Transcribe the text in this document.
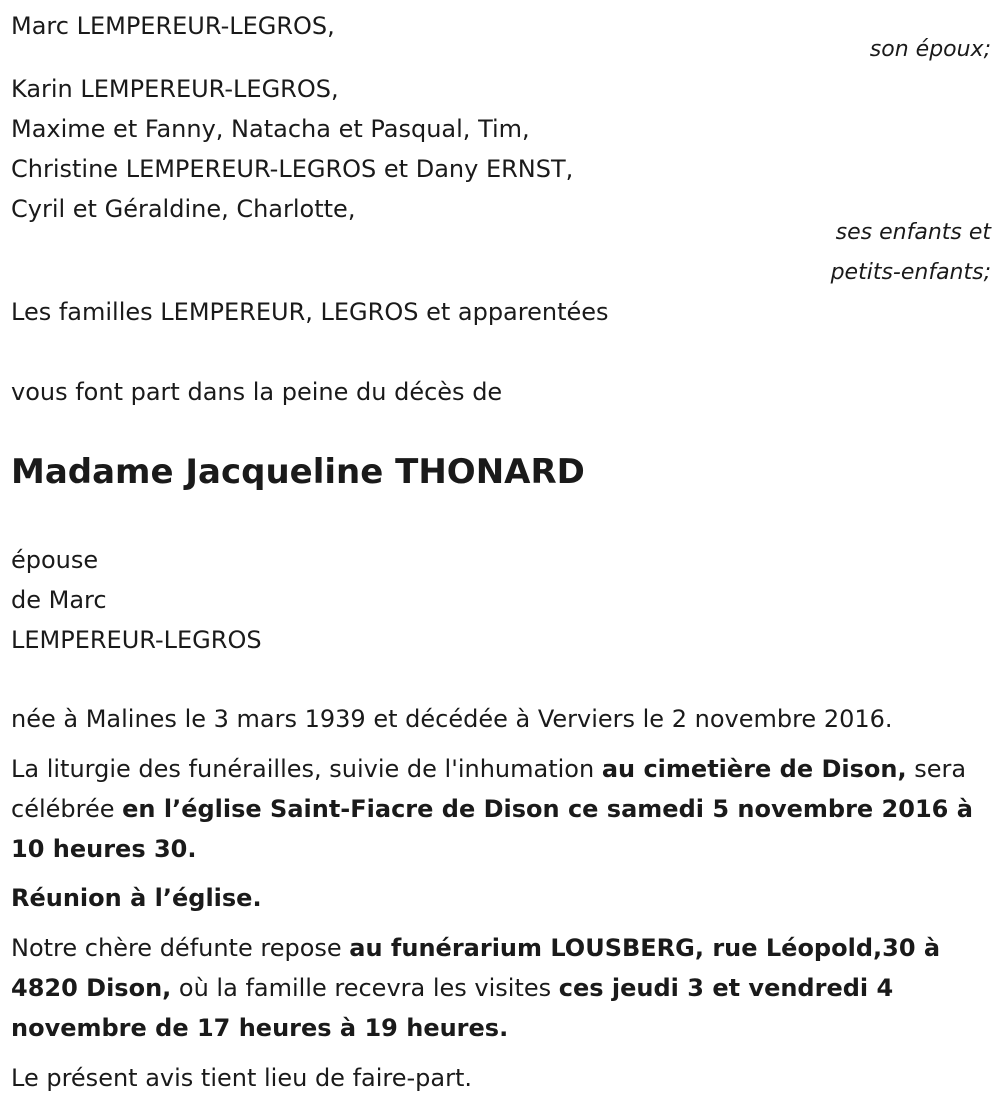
Marc LEMPEREUR-LEGROS,
son époux;
Karin LEMPEREUR-LEGROS,
Maxime et Fanny, Natacha et Pasqual, Tim,
Christine LEMPEREUR-LEGROS et Dany ERNST,
Cyril et Géraldine, Charlotte,
ses enfants et
petits-enfants;
Les familles LEMPEREUR, LEGROS et apparentées
vous font part dans la peine du décès de
Madame Jacqueline THONARD
épouse
de Marc
LEMPEREUR-LEGROS
née à Malines le 3 mars 1939 et décédée à Verviers le 2 novembre 2016.
La liturgie des funérailles, suivie de l'inhumation au cimetière de Dison, sera célébrée en l’église Saint-Fiacre de Dison ce samedi 5 novembre 2016 à 10 heures 30.
Réunion à l’église.
Notre chère défunte repose au funérarium LOUSBERG, rue Léopold,30 à 4820 Dison, où la famille recevra les visites ces jeudi 3 et vendredi 4 novembre de 17 heures à 19 heures.
Le présent avis tient lieu de faire-part.
